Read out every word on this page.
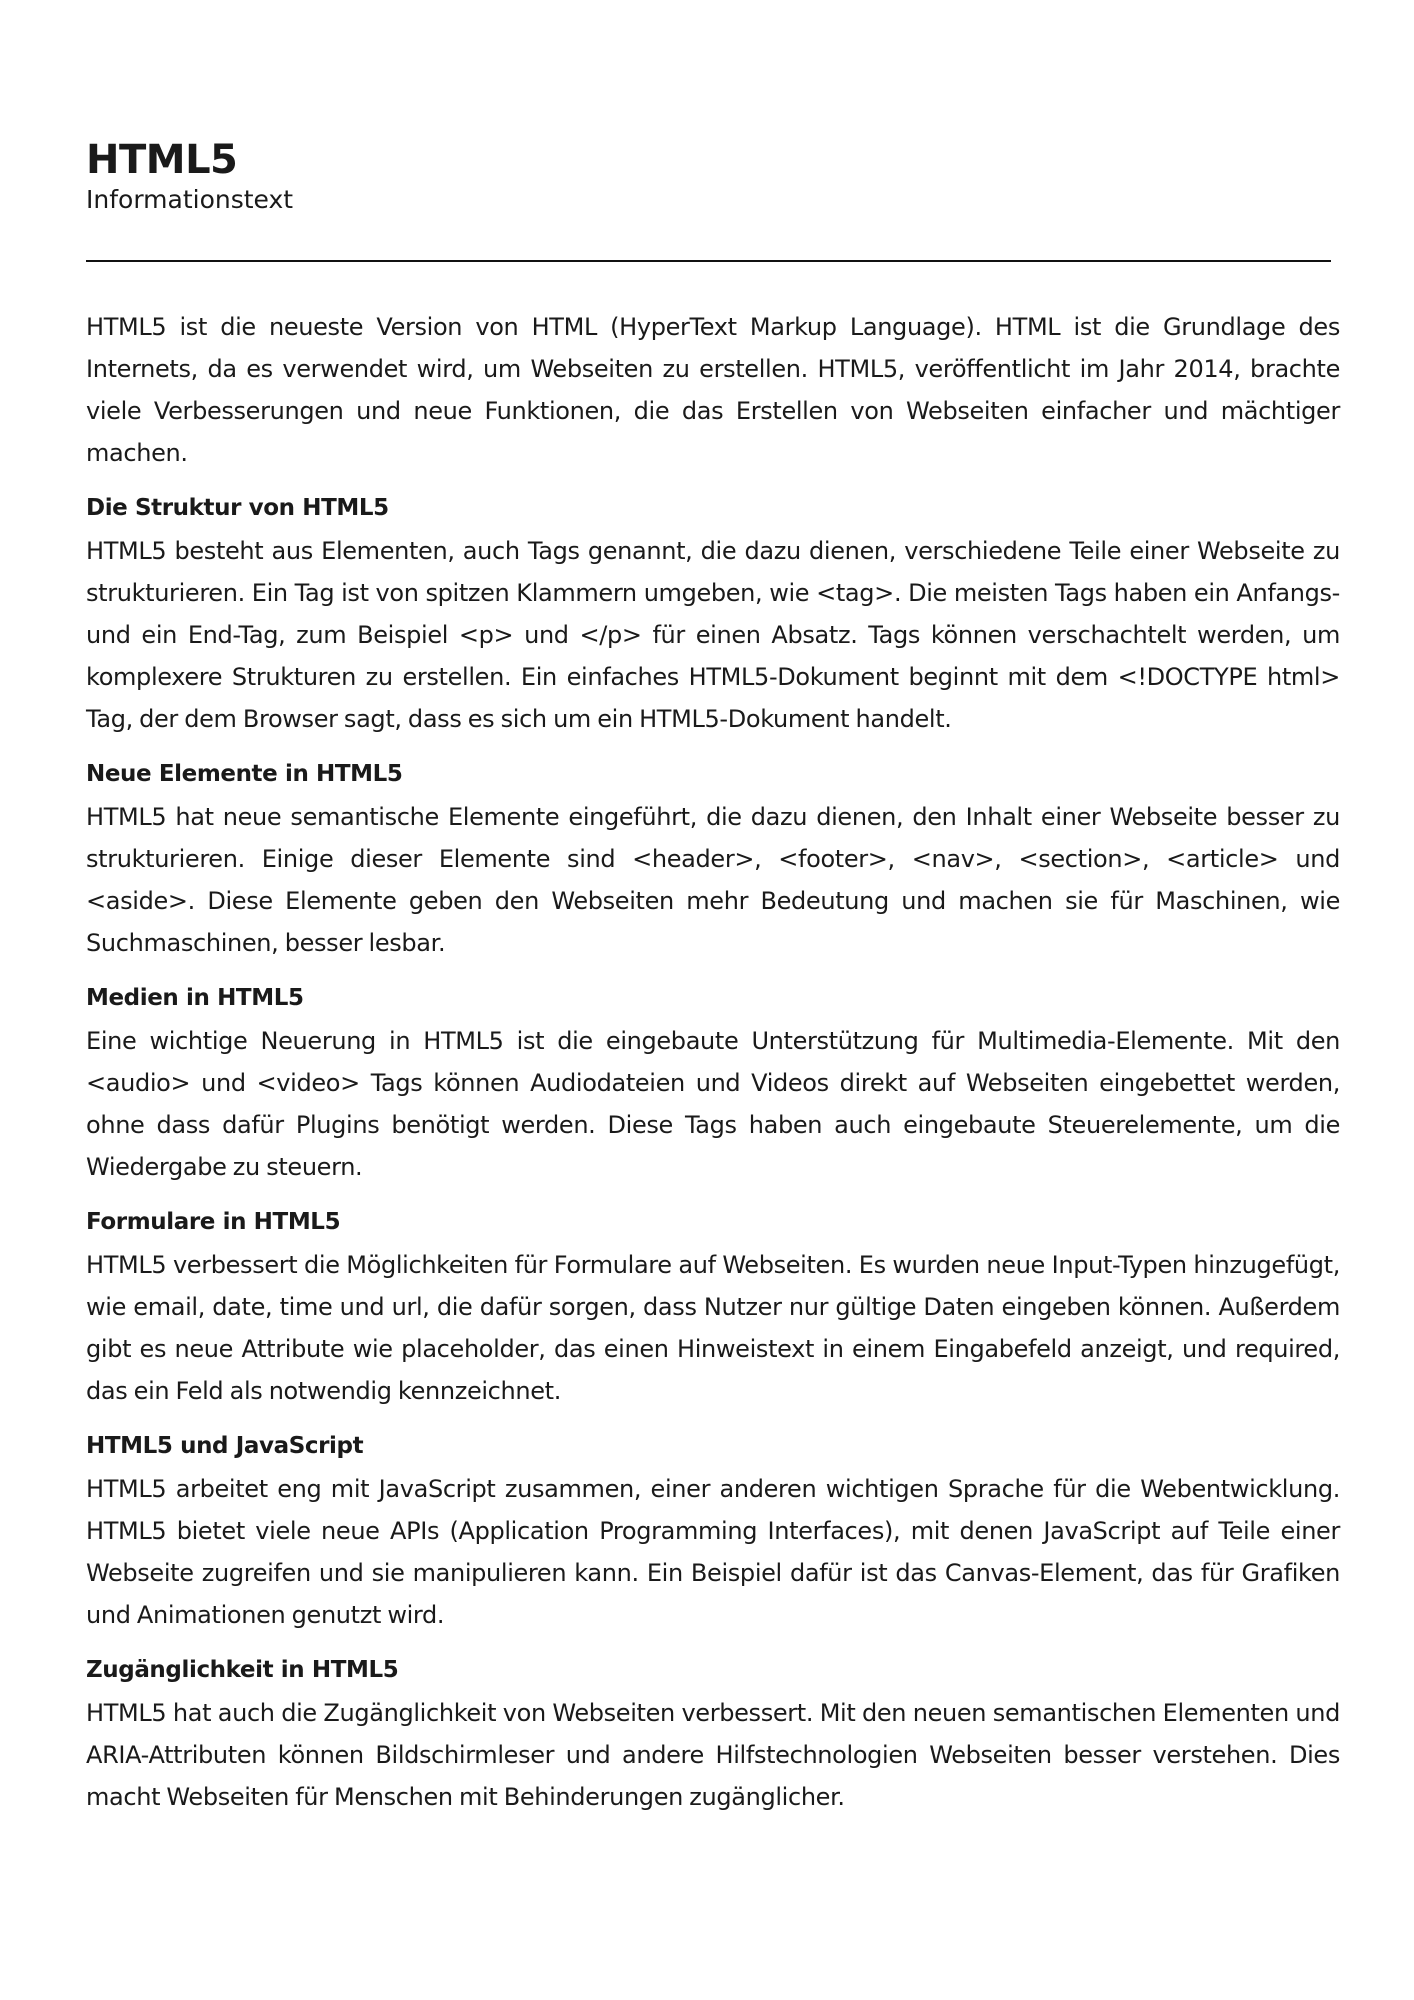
HTML5
Informationstext

HTML5 ist die neueste Version von HTML (HyperText Markup Language). HTML ist die Grundlage des Internets, da es verwendet wird, um Webseiten zu erstellen. HTML5, veröffentlicht im Jahr 2014, brachte viele Verbesserungen und neue Funktionen, die das Erstellen von Webseiten einfacher und mächtiger machen.

Die Struktur von HTML5

HTML5 besteht aus Elementen, auch Tags genannt, die dazu dienen, verschiedene Teile einer Webseite zu strukturieren. Ein Tag ist von spitzen Klammern umgeben, wie <tag>. Die meisten Tags haben ein Anfangs- und ein End-Tag, zum Beispiel <p> und </p> für einen Absatz. Tags können verschachtelt werden, um komplexere Strukturen zu erstellen. Ein einfaches HTML5-Dokument beginnt mit dem <!DOCTYPE html> Tag, der dem Browser sagt, dass es sich um ein HTML5-Dokument handelt.

Neue Elemente in HTML5

HTML5 hat neue semantische Elemente eingeführt, die dazu dienen, den Inhalt einer Webseite besser zu strukturieren. Einige dieser Elemente sind <header>, <footer>, <nav>, <section>, <article> und <aside>. Diese Elemente geben den Webseiten mehr Bedeutung und machen sie für Maschinen, wie Suchmaschinen, besser lesbar.

Medien in HTML5

Eine wichtige Neuerung in HTML5 ist die eingebaute Unterstützung für Multimedia-Elemente. Mit den <audio> und <video> Tags können Audiodateien und Videos direkt auf Webseiten eingebettet werden, ohne dass dafür Plugins benötigt werden. Diese Tags haben auch eingebaute Steuerelemente, um die Wiedergabe zu steuern.

Formulare in HTML5

HTML5 verbessert die Möglichkeiten für Formulare auf Webseiten. Es wurden neue Input-Typen hinzugefügt, wie email, date, time und url, die dafür sorgen, dass Nutzer nur gültige Daten eingeben können. Außerdem gibt es neue Attribute wie placeholder, das einen Hinweistext in einem Eingabefeld anzeigt, und required, das ein Feld als notwendig kennzeichnet.

HTML5 und JavaScript

HTML5 arbeitet eng mit JavaScript zusammen, einer anderen wichtigen Sprache für die Webentwicklung. HTML5 bietet viele neue APIs (Application Programming Interfaces), mit denen JavaScript auf Teile einer Webseite zugreifen und sie manipulieren kann. Ein Beispiel dafür ist das Canvas-Element, das für Grafiken und Animationen genutzt wird.

Zugänglichkeit in HTML5

HTML5 hat auch die Zugänglichkeit von Webseiten verbessert. Mit den neuen semantischen Elementen und ARIA-Attributen können Bildschirmleser und andere Hilfstechnologien Webseiten besser verstehen. Dies macht Webseiten für Menschen mit Behinderungen zugänglicher.
